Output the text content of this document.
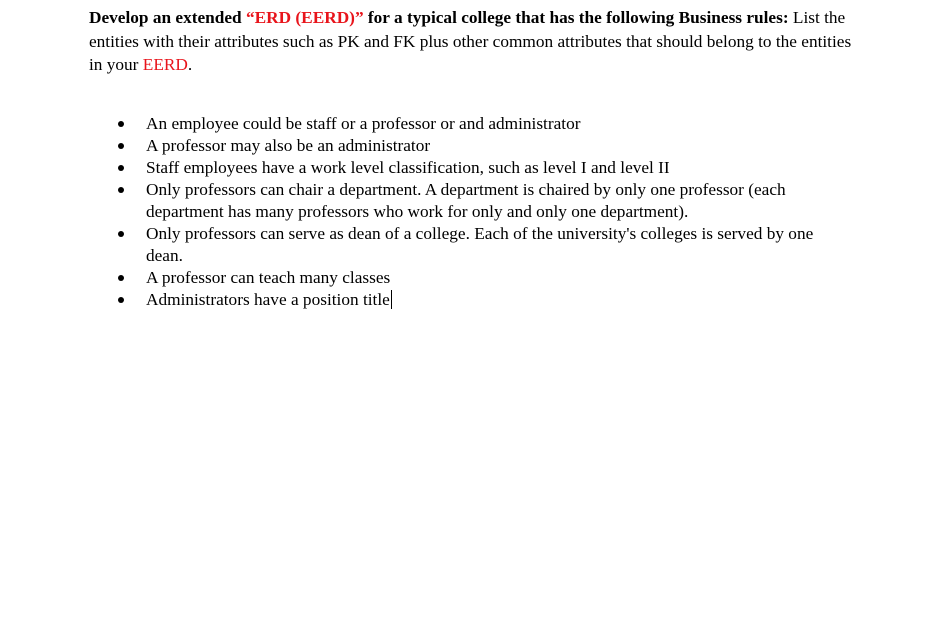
Develop an extended “ERD (EERD)” for a typical college that has the following Business rules: List the entities with their attributes such as PK and FK plus other common attributes that should belong to the entities in your EERD.

An employee could be staff or a professor or and administrator
A professor may also be an administrator
Staff employees have a work level classification, such as level I and level II
Only professors can chair a department. A department is chaired by only one professor (each department has many professors who work for only and only one department).
Only professors can serve as dean of a college. Each of the university's colleges is served by one dean.
A professor can teach many classes
Administrators have a position title
